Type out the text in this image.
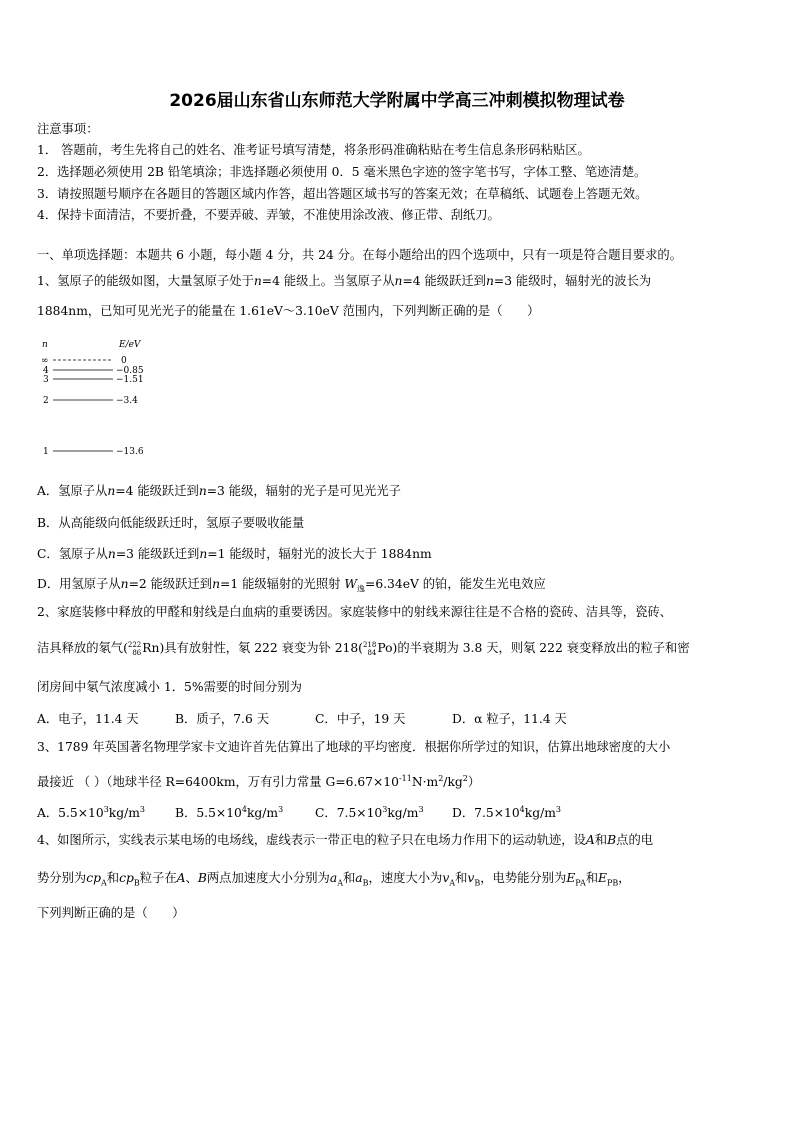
2026届山东省山东师范大学附属中学高三冲刺模拟物理试卷
注意事项：
1． 答题前，考生先将自己的姓名、准考证号填写清楚，将条形码准确粘贴在考生信息条形码粘贴区。
2．选择题必须使用 2B 铅笔填涂；非选择题必须使用 0．5 毫米黑色字迹的签字笔书写，字体工整、笔迹清楚。
3．请按照题号顺序在各题目的答题区域内作答，超出答题区域书写的答案无效；在草稿纸、试题卷上答题无效。
4．保持卡面清洁，不要折叠，不要弄破、弄皱，不准使用涂改液、修正带、刮纸刀。
一、单项选择题：本题共 6 小题，每小题 4 分，共 24 分。在每小题给出的四个选项中，只有一项是符合题目要求的。
1、氢原子的能级如图，大量氢原子处于n=4 能级上。当氢原子从n=4 能级跃迁到n=3 能级时，辐射光的波长为
1884nm，已知可见光光子的能量在 1.61eV～3.10eV 范围内，下列判断正确的是（　　）
n	E/eV
∞	0
4	−0.85
3	−1.51
2	−3.4
1	−13.6
A．氢原子从n=4 能级跃迁到n=3 能级，辐射的光子是可见光光子
B．从高能级向低能级跃迁时，氢原子要吸收能量
C．氢原子从n=3 能级跃迁到n=1 能级时，辐射光的波长大于 1884nm
D．用氢原子从n=2 能级跃迁到n=1 能级辐射的光照射 $W_逸=6.34eV$ 的铂，能发生光电效应
2、家庭装修中释放的甲醛和射线是白血病的重要诱因。家庭装修中的射线来源往往是不合格的瓷砖、洁具等，瓷砖、
洁具释放的氡气( 222
86 Rn)具有放射性，氡 222 衰变为钋 218( 218
84 Po)的半衰期为 3.8 天，则氡 222 衰变释放出的粒子和密
闭房间中氡气浓度减小 1．5%需要的时间分别为
A．电子，11.4 天	B．质子，7.6 天	C．中子，19 天	D．α 粒子，11.4 天
3、1789 年英国著名物理学家卡文迪许首先估算出了地球的平均密度．根据你所学过的知识，估算出地球密度的大小
最接近 （ ）（地球半径 R=6400km，万有引力常量 $G=6.67\times 10^{-11}N\cdot m^2/kg^2$）
A．$5.5\times 10^3kg/m^3$ B．$5.5\times 10^4kg/m^3$	C．$7.5\times 10^3kg/m^3$ D．$7.5\times 10^4kg/m^3$
4、如图所示，实线表示某电场的电场线，虚线表示一带正电的粒子只在电场力作用下的运动轨迹，设A和B点的电
势分别为$cp_A$和$cp_B$粒子在A、B两点加速度大小分别为$a_A$和$a_B$，速度大小为$v_A$和$v_B$，电势能分别为$E_{PA}$和$E_{PB}$，
下列判断正确的是（　　）
